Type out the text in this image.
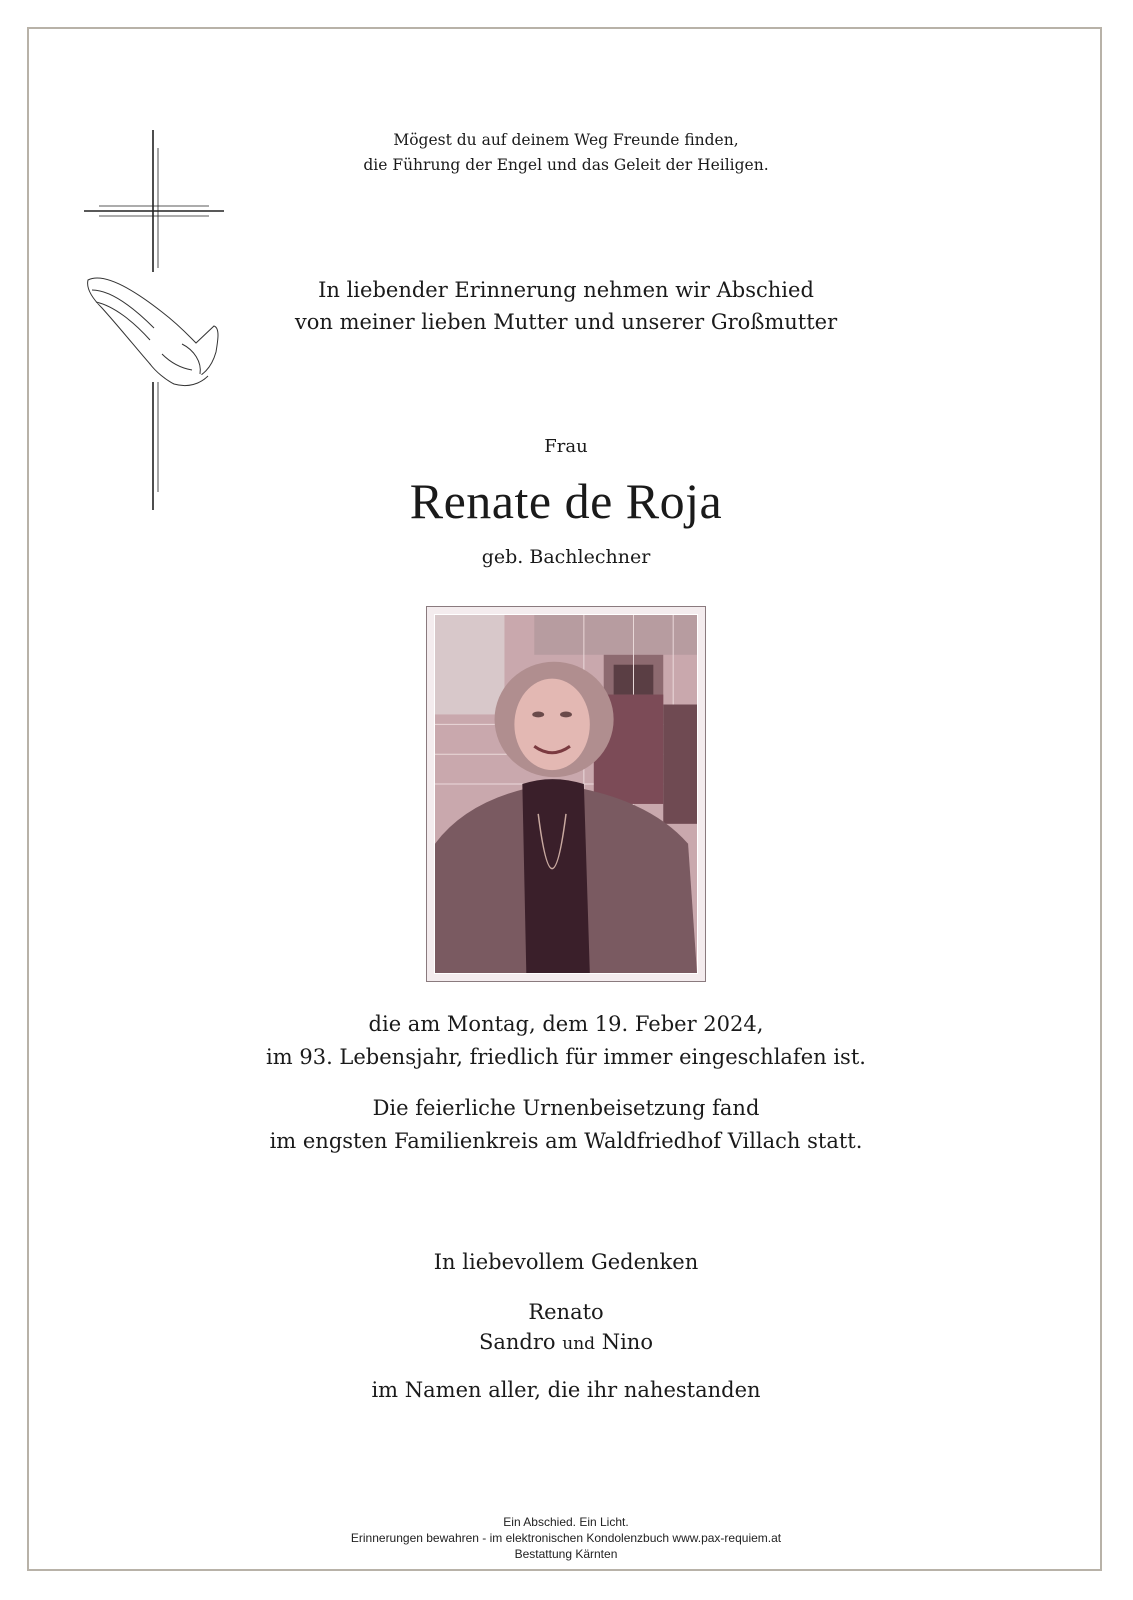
Mögest du auf deinem Weg Freunde finden,
die Führung der Engel und das Geleit der Heiligen.
In liebender Erinnerung nehmen wir Abschied
von meiner lieben Mutter und unserer Großmutter
Frau
Renate de Roja
geb. Bachlechner
die am Montag, dem 19. Feber 2024,
im 93. Lebensjahr, friedlich für immer eingeschlafen ist.
Die feierliche Urnenbeisetzung fand
im engsten Familienkreis am Waldfriedhof Villach statt.
In liebevollem Gedenken
Renato
Sandro und Nino
im Namen aller, die ihr nahestanden
Ein Abschied. Ein Licht.
Erinnerungen bewahren - im elektronischen Kondolenzbuch www.pax-requiem.at
Bestattung Kärnten
